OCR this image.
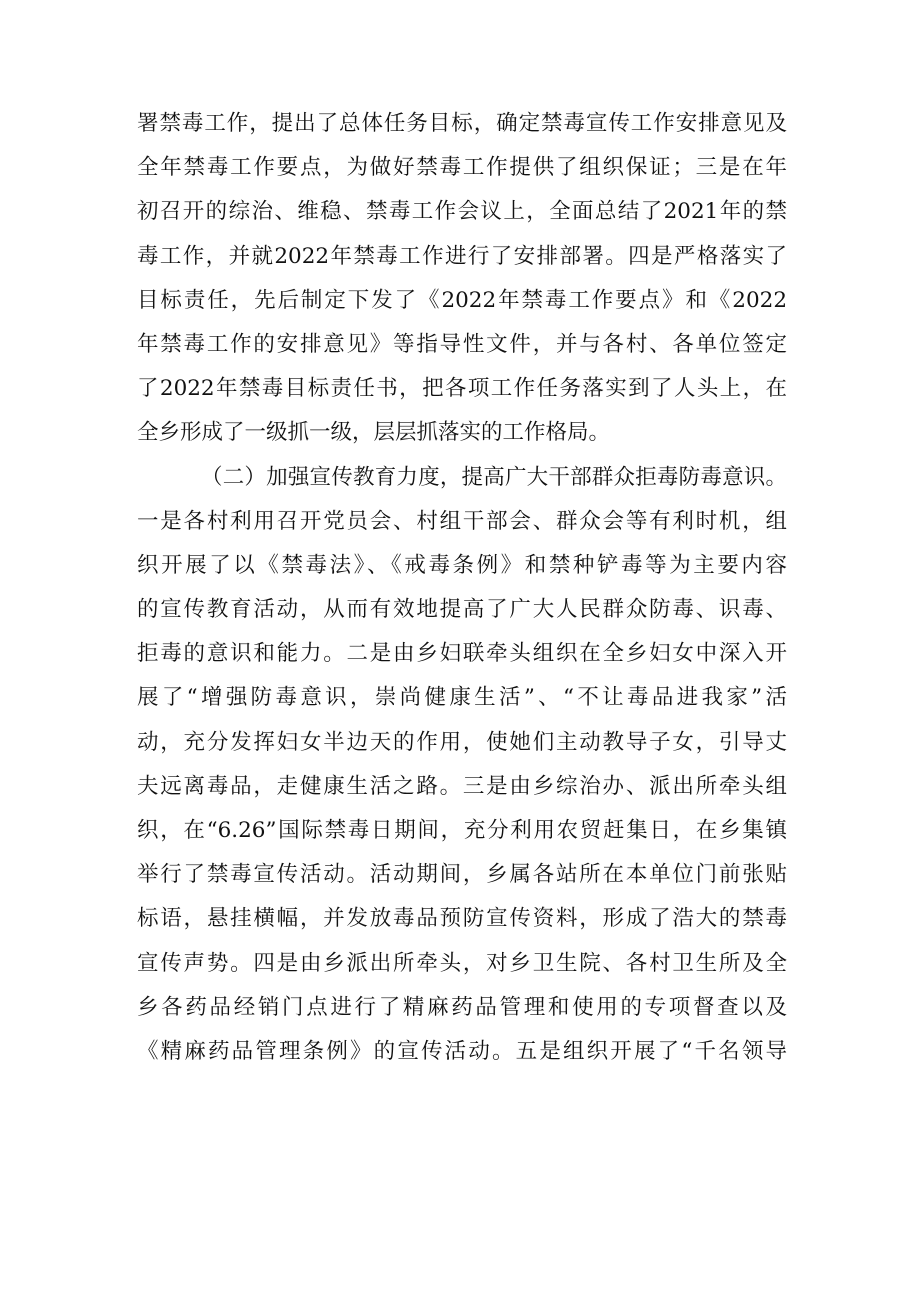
署禁毒工作，提出了总体任务目标，确定禁毒宣传工作安排意见及
全年禁毒工作要点，为做好禁毒工作提供了组织保证；三是在年
初召开的综治、维稳、禁毒工作会议上，全面总结了2021年的禁
毒工作，并就2022年禁毒工作进行了安排部署。四是严格落实了
目标责任，先后制定下发了《2022年禁毒工作要点》和《2022
年禁毒工作的安排意见》等指导性文件，并与各村、各单位签定
了2022年禁毒目标责任书，把各项工作任务落实到了人头上，在
全乡形成了一级抓一级，层层抓落实的工作格局。
（二）加强宣传教育力度，提高广大干部群众拒毒防毒意识。
一是各村利用召开党员会、村组干部会、群众会等有利时机，组
织开展了以《禁毒法》、《戒毒条例》和禁种铲毒等为主要内容
的宣传教育活动，从而有效地提高了广大人民群众防毒、识毒、
拒毒的意识和能力。二是由乡妇联牵头组织在全乡妇女中深入开
展了“增强防毒意识，崇尚健康生活”、“不让毒品进我家”活
动，充分发挥妇女半边天的作用，使她们主动教导子女，引导丈
夫远离毒品，走健康生活之路。三是由乡综治办、派出所牵头组
织，在“6.26”国际禁毒日期间，充分利用农贸赶集日，在乡集镇
举行了禁毒宣传活动。活动期间，乡属各站所在本单位门前张贴
标语，悬挂横幅，并发放毒品预防宣传资料，形成了浩大的禁毒
宣传声势。四是由乡派出所牵头，对乡卫生院、各村卫生所及全
乡各药品经销门点进行了精麻药品管理和使用的专项督查以及
《精麻药品管理条例》的宣传活动。五是组织开展了“千名领导
